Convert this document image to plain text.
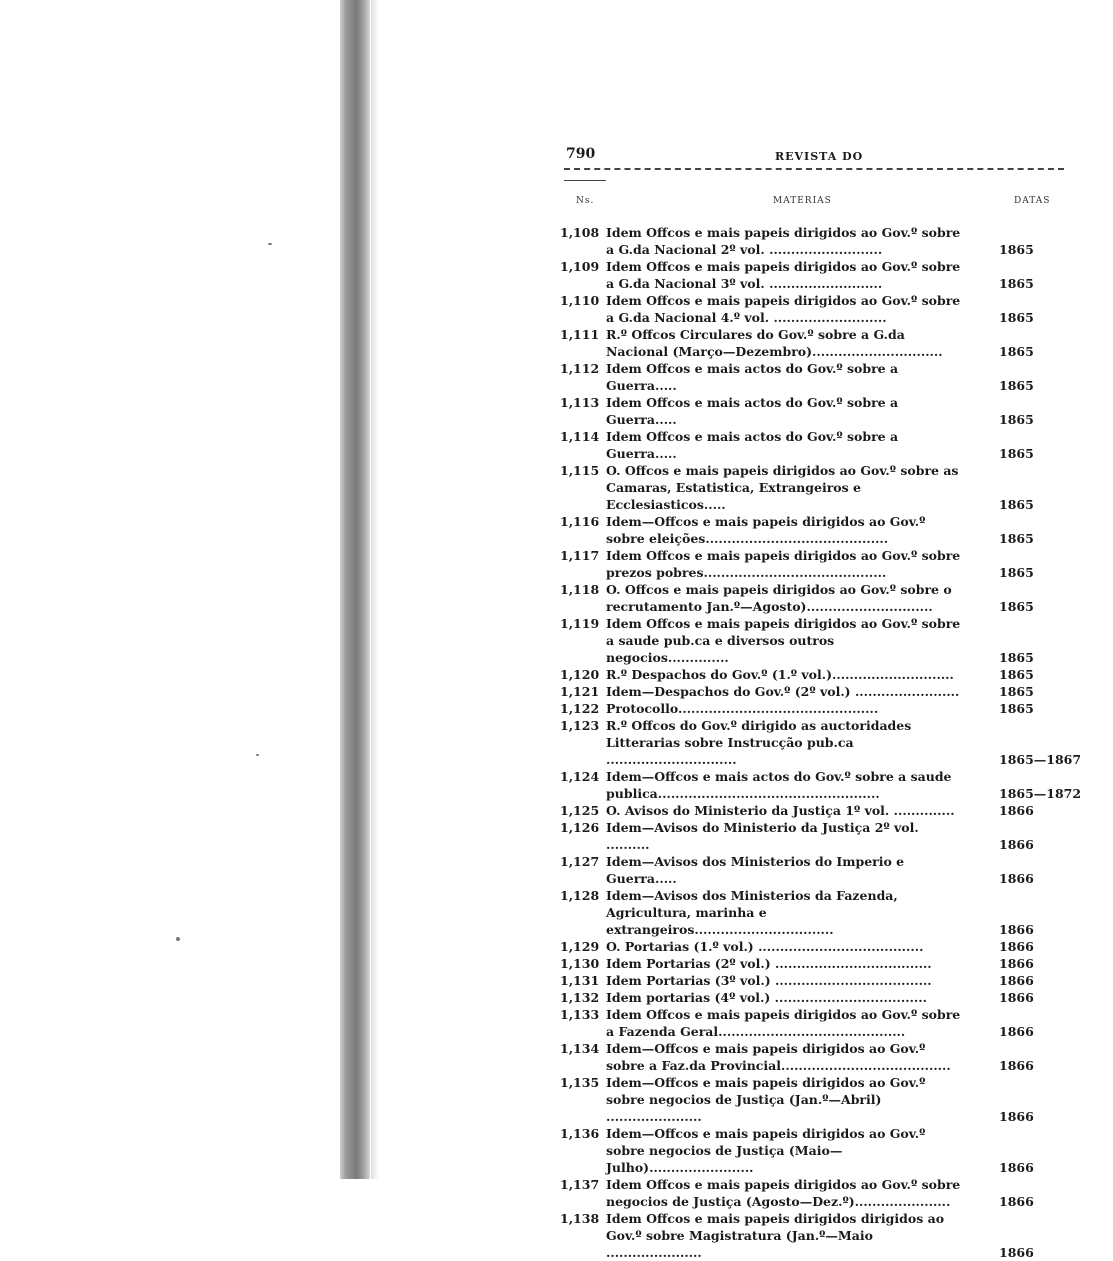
790	REVISTA DO
Ns.	MATERIAS	DATAS
1,108 Idem Offcos e mais papeis dirigidos ao Gov.º sobre a G.da Nacional 2º vol. ..........................	1865
1,109 Idem Offcos e mais papeis dirigidos ao Gov.º sobre a G.da Nacional 3º vol. ..........................	1865
1,110 Idem Offcos e mais papeis dirigidos ao Gov.º sobre a G.da Nacional 4.º vol. ..........................	1865
1,111 R.º Offcos Circulares do Gov.º sobre a G.da Nacional (Março—Dezembro)..............................	1865
1,112 Idem Offcos e mais actos do Gov.º sobre a Guerra.....	1865
1,113 Idem Offcos e mais actos do Gov.º sobre a Guerra.....	1865
1,114 Idem Offcos e mais actos do Gov.º sobre a Guerra.....	1865
1,115 O. Offcos e mais papeis dirigidos ao Gov.º sobre as Camaras, Estatistica, Extrangeiros e Ecclesiasticos.....	1865
1,116 Idem—Offcos e mais papeis dirigidos ao Gov.º sobre eleições..........................................	1865
1,117 Idem Offcos e mais papeis dirigidos ao Gov.º sobre prezos pobres..........................................	1865
1,118 O. Offcos e mais papeis dirigidos ao Gov.º sobre o recrutamento Jan.º—Agosto).............................	1865
1,119 Idem Offcos e mais papeis dirigidos ao Gov.º sobre a saude pub.ca e diversos outros negocios..............	1865
1,120 R.º Despachos do Gov.º (1.º vol.)............................	1865
1,121 Idem—Despachos do Gov.º (2º vol.) ........................	1865
1,122 Protocollo..............................................	1865
1,123 R.º Offcos do Gov.º dirigido as auctoridades Litterarias sobre Instrucção pub.ca ..............................	1865—1867
1,124 Idem—Offcos e mais actos do Gov.º sobre a saude publica...................................................	1865—1872
1,125 O. Avisos do Ministerio da Justiça 1º vol. ..............	1866
1,126 Idem—Avisos do Ministerio da Justiça 2º vol. ..........	1866
1,127 Idem—Avisos dos Ministerios do Imperio e Guerra.....	1866
1,128 Idem—Avisos dos Ministerios da Fazenda, Agricultura, marinha e extrangeiros................................	1866
1,129 O. Portarias (1.º vol.) ......................................	1866
1,130 Idem Portarias (2º vol.) ....................................	1866
1,131 Idem Portarias (3º vol.) ....................................	1866
1,132 Idem portarias (4º vol.) ...................................	1866
1,133 Idem Offcos e mais papeis dirigidos ao Gov.º sobre a Fazenda Geral...........................................	1866
1,134 Idem—Offcos e mais papeis dirigidos ao Gov.º sobre a Faz.da Provincial.......................................	1866
1,135 Idem—Offcos e mais papeis dirigidos ao Gov.º sobre negocios de Justiça (Jan.º—Abril) ......................	1866
1,136 Idem—Offcos e mais papeis dirigidos ao Gov.º sobre negocios de Justiça (Maio—Julho)........................	1866
1,137 Idem Offcos e mais papeis dirigidos ao Gov.º sobre negocios de Justiça (Agosto—Dez.º)......................	1866
1,138 Idem Offcos e mais papeis dirigidos dirigidos ao Gov.º sobre Magistratura (Jan.º—Maio ......................	1866
